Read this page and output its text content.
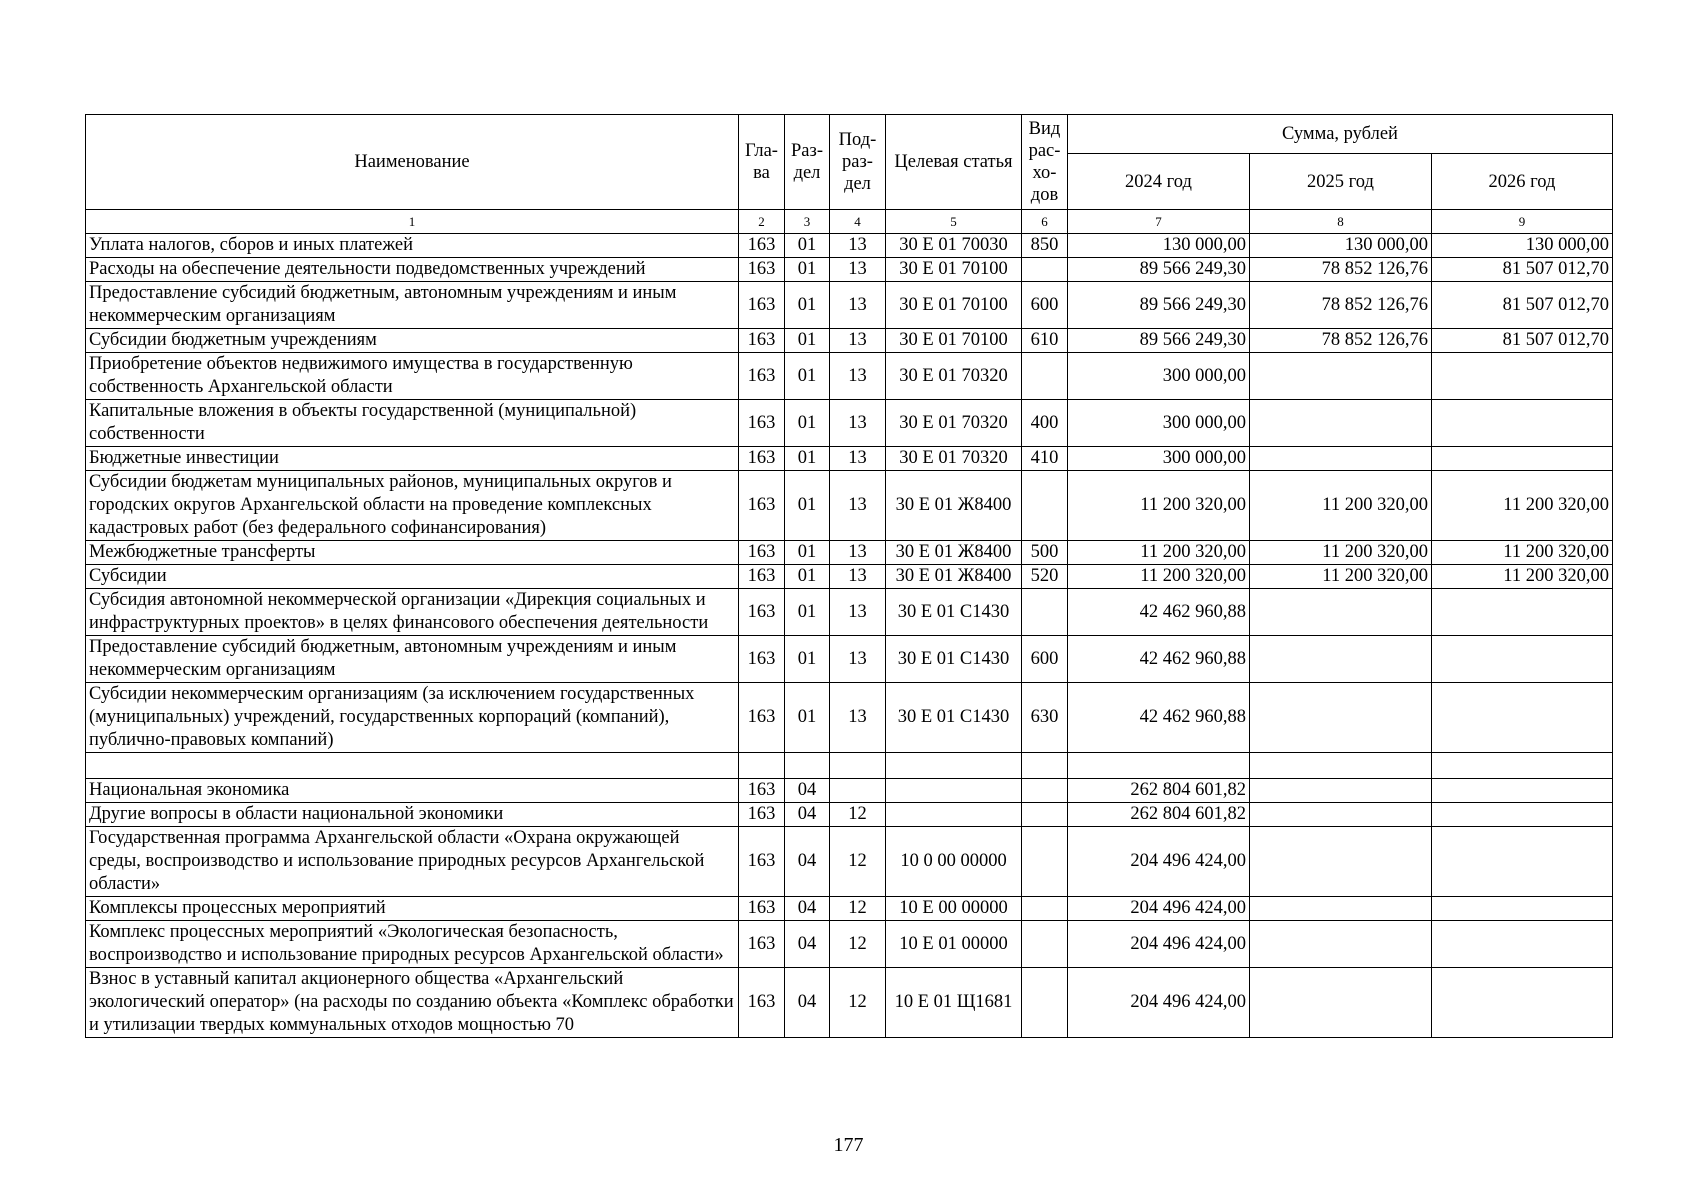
Наименование	Гла-ва	Раз-дел	Под-раз-дел	Целевая статья	Вид рас-хо-дов	Сумма, рублей		
						2024 год	2025 год	2026 год
1	2	3	4	5	6	7	8	9
Уплата налогов, сборов и иных платежей	163	01	13	30 Е 01 70030	850	130 000,00	130 000,00	130 000,00
Расходы на обеспечение деятельности подведомственных учреждений	163	01	13	30 Е 01 70100		89 566 249,30	78 852 126,76	81 507 012,70
Предоставление субсидий бюджетным, автономным учреждениям и иным некоммерческим организациям	163	01	13	30 Е 01 70100	600	89 566 249,30	78 852 126,76	81 507 012,70
Субсидии бюджетным учреждениям	163	01	13	30 Е 01 70100	610	89 566 249,30	78 852 126,76	81 507 012,70
Приобретение объектов недвижимого имущества в государственную собственность Архангельской области	163	01	13	30 Е 01 70320		300 000,00		
Капитальные вложения в объекты государственной (муниципальной) собственности	163	01	13	30 Е 01 70320	400	300 000,00		
Бюджетные инвестиции	163	01	13	30 Е 01 70320	410	300 000,00		
Субсидии бюджетам муниципальных районов, муниципальных округов и городских округов Архангельской области на проведение комплексных кадастровых работ (без федерального софинансирования)	163	01	13	30 Е 01 Ж8400		11 200 320,00	11 200 320,00	11 200 320,00
Межбюджетные трансферты	163	01	13	30 Е 01 Ж8400	500	11 200 320,00	11 200 320,00	11 200 320,00
Субсидии	163	01	13	30 Е 01 Ж8400	520	11 200 320,00	11 200 320,00	11 200 320,00
Субсидия автономной некоммерческой организации «Дирекция социальных и инфраструктурных проектов» в целях финансового обеспечения деятельности	163	01	13	30 Е 01 С1430		42 462 960,88		
Предоставление субсидий бюджетным, автономным учреждениям и иным некоммерческим организациям	163	01	13	30 Е 01 С1430	600	42 462 960,88		
Субсидии некоммерческим организациям (за исключением государственных (муниципальных) учреждений, государственных корпораций (компаний), публично-правовых компаний)	163	01	13	30 Е 01 С1430	630	42 462 960,88		

Национальная экономика	163	04				262 804 601,82		
Другие вопросы в области национальной экономики	163	04	12			262 804 601,82		
Государственная программа Архангельской области «Охрана окружающей среды, воспроизводство и использование природных ресурсов Архангельской области»	163	04	12	10 0 00 00000		204 496 424,00		
Комплексы процессных мероприятий	163	04	12	10 Е 00 00000		204 496 424,00		
Комплекс процессных мероприятий «Экологическая безопасность, воспроизводство и использование природных ресурсов Архангельской области»	163	04	12	10 Е 01 00000		204 496 424,00		
Взнос в уставный капитал акционерного общества «Архангельский экологический оператор» (на расходы по созданию объекта «Комплекс обработки и утилизации твердых коммунальных отходов мощностью 70	163	04	12	10 Е 01 Щ1681		204 496 424,00		
177
